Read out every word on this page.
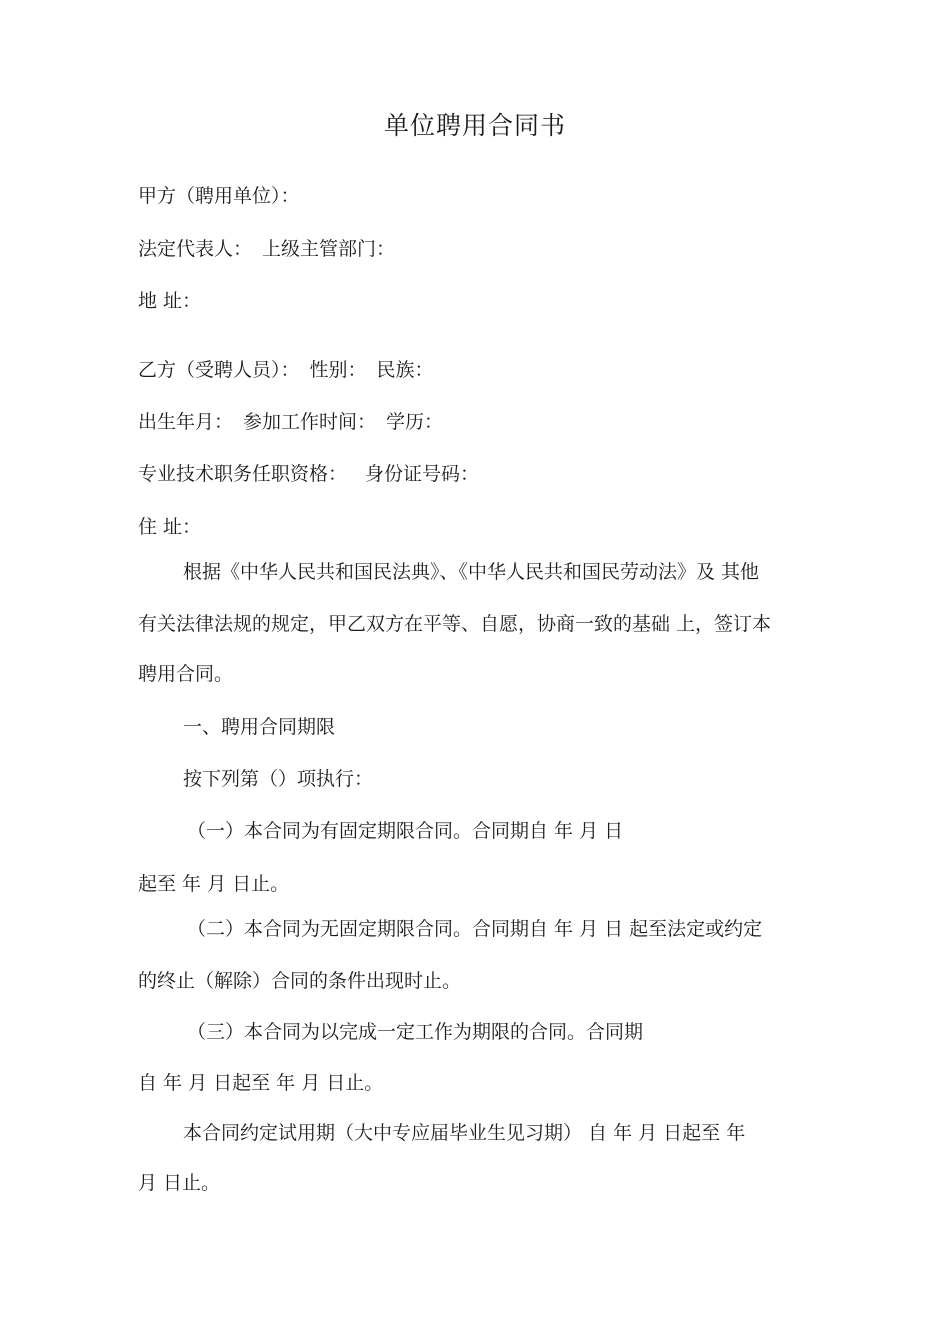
单位聘用合同书
甲方（聘用单位）：
法定代表人： 上级主管部门：
地 址：
乙方（受聘人员）： 性别： 民族：
出生年月： 参加工作时间： 学历：
专业技术职务任职资格： 身份证号码：
住 址：
根据《中华人民共和国民法典》、《中华人民共和国民劳动法》及 其他
有关法律法规的规定，甲乙双方在平等、自愿，协商一致的基础 上，签订本
聘用合同。
一、聘用合同期限
按下列第（）项执行：
（一）本合同为有固定期限合同。合同期自 年 月 日
起至 年 月 日止。
（二）本合同为无固定期限合同。合同期自 年 月 日 起至法定或约定
的终止（解除）合同的条件出现时止。
（三）本合同为以完成一定工作为期限的合同。合同期
自 年 月 日起至 年 月 日止。
本合同约定试用期（大中专应届毕业生见习期） 自 年 月 日起至 年
月 日止。
